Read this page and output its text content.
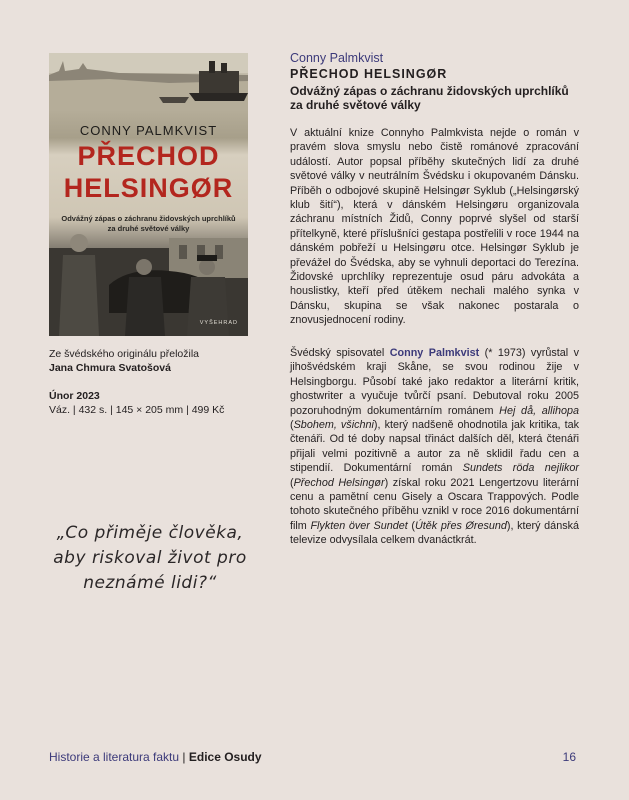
CONNY PALMKVIST
PŘECHOD
HELSINGØR
Odvážný zápas o záchranu židovských uprchlíků za druhé světové války
VYŠEHRAD
Ze švédského originálu přeložila
Jana Chmura Svatošová
Únor 2023
Váz. | 432 s. | 145 × 205 mm | 499 Kč
„Co přiměje člověka, aby riskoval život pro neznámé lidi?“
Conny Palmkvist
PŘECHOD HELSINGØR
Odvážný zápas o záchranu židovských uprchlíků za druhé světové války

V aktuální knize Connyho Palmkvista nejde o román v pravém slova smyslu nebo čistě románové zpracování událostí. Autor popsal příběhy skutečných lidí za druhé světové války v neutrálním Švédsku i okupovaném Dánsku. Příběh o odbojové skupině Helsingør Syklub („Helsingørský klub šití“), která v dánském Helsingøru organizovala záchranu místních Židů, Conny poprvé slyšel od starší přítelkyně, které příslušníci gestapa postřelili v roce 1944 na dánském pobřeží u Helsingøru otce. Helsingør Syklub je převážel do Švédska, aby se vyhnuli deportaci do Terezína. Židovské uprchlíky reprezentuje osud páru advokáta a houslistky, kteří před útěkem nechali malého synka v Dánsku, skupina se však nakonec postarala o znovusjednocení rodiny.

Švédský spisovatel Conny Palmkvist (* 1973) vyrůstal v jihošvédském kraji Skåne, se svou rodinou žije v Helsingborgu. Působí také jako redaktor a literární kritik, ghostwriter a vyučuje tvůrčí psaní. Debutoval roku 2005 pozoruhodným dokumentárním románem Hej då, allihopa (Sbohem, všichni), který nadšeně ohodnotila jak kritika, tak čtenáři. Od té doby napsal třináct dalších děl, která čtenáři přijali velmi pozitivně a autor za ně sklidil řadu cen a stipendií. Dokumentární román Sundets röda nejlikor (Přechod Helsingør) získal roku 2021 Lengertzovu literární cenu a pamětní cenu Gisely a Oscara Trappových. Podle tohoto skutečného příběhu vznikl v roce 2016 dokumentární film Flykten över Sundet (Útěk přes Øresund), který dánská televize odvysílala celkem dvanáctkrát.

Historie a literatura faktu | Edice Osudy	16
